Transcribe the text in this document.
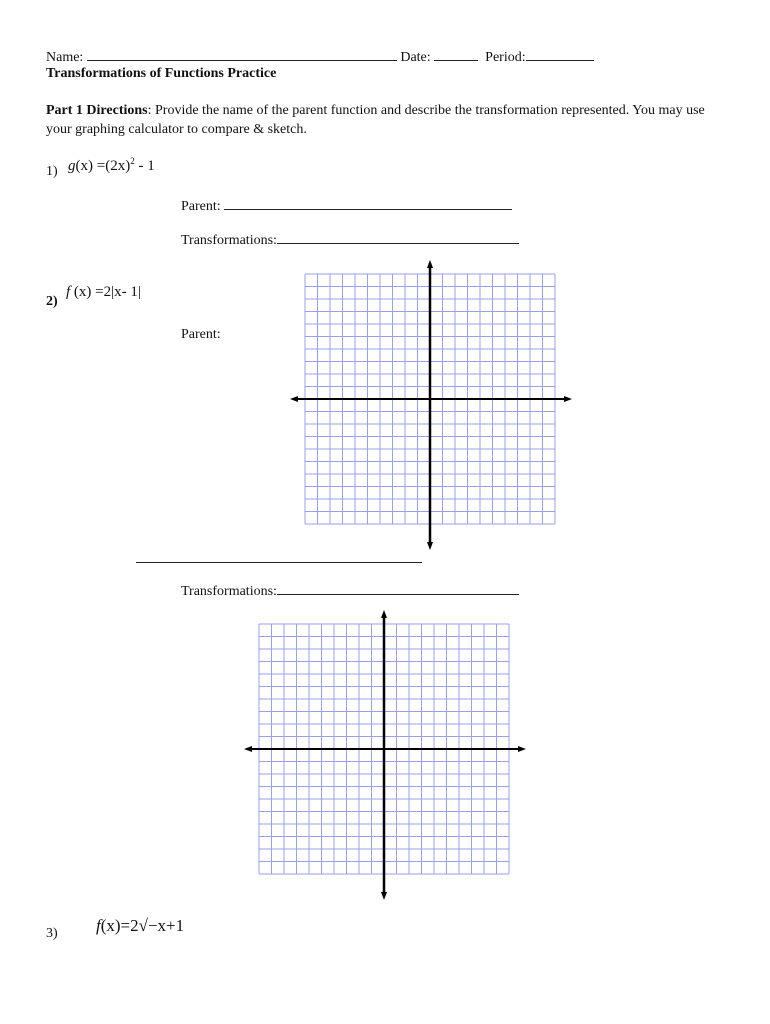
Name:	Date:	Period:
Transformations of Functions Practice
Part 1 Directions: Provide the name of the parent function and describe the transformation represented. You may use your graphing calculator to compare & sketch.
1) $g(x) =(2x)^2 - 1$
Parent:
Transformations:
2)
f (x) =2|x- 1|
Parent:
Transformations:
3) f(x)=2√−x+1
